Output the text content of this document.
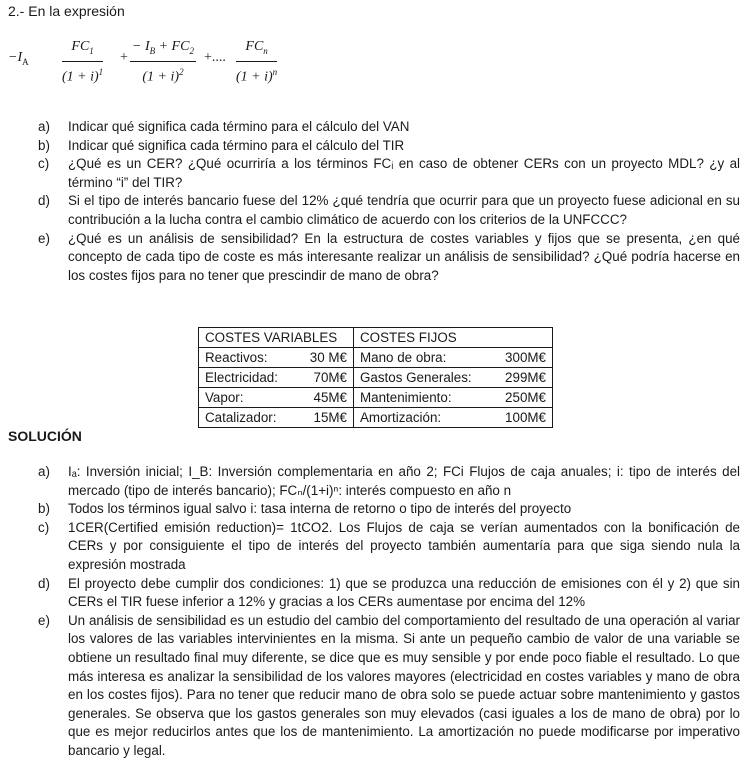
2.- En la expresión
$-I_A \frac{FC_1}{(1 + i)^1} + \frac{- I_B + FC_2}{(1 + i)^2}$ +....
$FC_n$
$(1 + i)^n$
a) Indicar qué significa cada término para el cálculo del VAN
b) Indicar qué significa cada término para el cálculo del TIR
c) ¿Qué es un CER? ¿Qué ocurriría a los términos FCᵢ en caso de obtener CERs con un proyecto MDL? ¿y al término “i” del TIR?
d) Si el tipo de interés bancario fuese del 12% ¿qué tendría que ocurrir para que un proyecto fuese adicional en su contribución a la lucha contra el cambio climático de acuerdo con los criterios de la UNFCCC?
e) ¿Qué es un análisis de sensibilidad? En la estructura de costes variables y fijos que se presenta, ¿en qué concepto de cada tipo de coste es más interesante realizar un análisis de sensibilidad? ¿Qué podría hacerse en los costes fijos para no tener que prescindir de mano de obra?
COSTES VARIABLES	COSTES FIJOS
Reactivos: 30 M€	Mano de obra: 300M€

Electricidad: 70M€	Gastos Generales: 299M€

Vapor: 45M€	Mantenimiento: 250M€

Catalizador: 15M€	Amortización: 100M€
SOLUCIÓN
a) Iₐ: Inversión inicial; I_B: Inversión complementaria en año 2; FCi Flujos de caja anuales; i: tipo de interés del mercado (tipo de interés bancario); FCₙ/(1+i)ⁿ: interés compuesto en año n
b) Todos los términos igual salvo i: tasa interna de retorno o tipo de interés del proyecto
c) 1CER(Certified emisión reduction)= 1tCO2. Los Flujos de caja se verían aumentados con la bonificación de CERs y por consiguiente el tipo de interés del proyecto también aumentaría para que siga siendo nula la expresión mostrada
d) El proyecto debe cumplir dos condiciones: 1) que se produzca una reducción de emisiones con él y 2) que sin CERs el TIR fuese inferior a 12% y gracias a los CERs aumentase por encima del 12%
e) Un análisis de sensibilidad es un estudio del cambio del comportamiento del resultado de una operación al variar los valores de las variables intervinientes en la misma. Si ante un pequeño cambio de valor de una variable se obtiene un resultado final muy diferente, se dice que es muy sensible y por ende poco fiable el resultado. Lo que más interesa es analizar la sensibilidad de los valores mayores (electricidad en costes variables y mano de obra en los costes fijos). Para no tener que reducir mano de obra solo se puede actuar sobre mantenimiento y gastos generales. Se observa que los gastos generales son muy elevados (casi iguales a los de mano de obra) por lo que es mejor reducirlos antes que los de mantenimiento. La amortización no puede modificarse por imperativo bancario y legal.
